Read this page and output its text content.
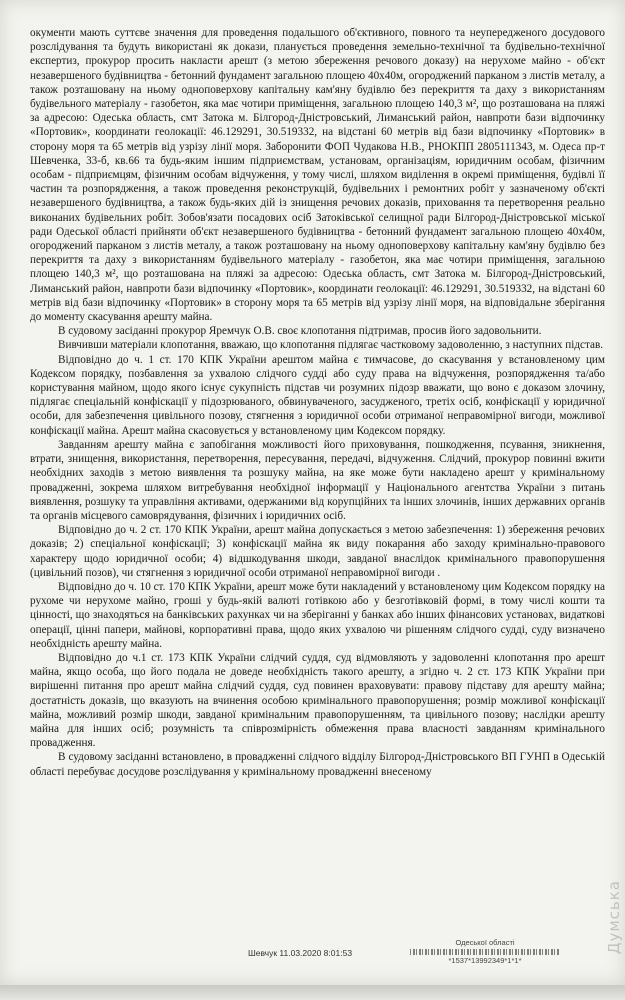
окументи мають суттєве значення для проведення подальшого об'єктивного, повного та неупередженого досудового розслідування та будуть використані як докази, планується проведення земельно-технічної та будівельно-технічної експертиз, прокурор просить накласти арешт (з метою збереження речового доказу) на нерухоме майно - об'єкт незавершеного будівництва - бетонний фундамент загальною площею 40х40м, огороджений парканом з листів металу, а також розташовану на ньому одноповерхову капітальну кам'яну будівлю без перекриття та даху з використанням будівельного матеріалу - газобетон, яка має чотири приміщення, загальною площею 140,3 м², що розташована на пляжі за адресою: Одеська область, смт Затока м. Білгород-Дністровський, Лиманський район, навпроти бази відпочинку «Портовик», координати геолокації: 46.129291, 30.519332, на відстані 60 метрів від бази відпочинку «Портовик» в сторону моря та 65 метрів від узрізу лінії моря. Заборонити ФОП Чудакова Н.В., РНОКПП 2805111343, м. Одеса пр-т Шевченка, 33-б, кв.66 та будь-яким іншим підприємствам, установам, організаціям, юридичним особам, фізичним особам - підприємцям, фізичним особам відчуження, у тому числі, шляхом виділення в окремі приміщення, будівлі її частин та розпорядження, а також проведення реконструкцій, будівельних і ремонтних робіт у зазначеному об'єкті незавершеного будівництва, а також будь-яких дій із знищення речових доказів, приховання та перетворення реально виконаних будівельних робіт. Зобов'язати посадових осіб Затоківської селищної ради Білгород-Дністровської міської ради Одеської області прийняти об'єкт незавершеного будівництва - бетонний фундамент загальною площею 40х40м, огороджений парканом з листів металу, а також розташовану на ньому одноповерхову капітальну кам'яну будівлю без перекриття та даху з використанням будівельного матеріалу - газобетон, яка має чотири приміщення, загальною площею 140,3 м², що розташована на пляжі за адресою: Одеська область, смт Затока м. Білгород-Дністровський, Лиманський район, навпроти бази відпочинку «Портовик», координати геолокації: 46.129291, 30.519332, на відстані 60 метрів від бази відпочинку «Портовик» в сторону моря та 65 метрів від узрізу лінії моря, на відповідальне зберігання до моменту скасування арешту майна.

В судовому засіданні прокурор Яремчук О.В. своє клопотання підтримав, просив його задовольнити.

Вивчивши матеріали клопотання, вважаю, що клопотання підлягає частковому задоволенню, з наступних підстав.

Відповідно до ч. 1 ст. 170 КПК України арештом майна є тимчасове, до скасування у встановленому цим Кодексом порядку, позбавлення за ухвалою слідчого судді або суду права на відчуження, розпорядження та/або користування майном, щодо якого існує сукупність підстав чи розумних підозр вважати, що воно є доказом злочину, підлягає спеціальній конфіскації у підозрюваного, обвинуваченого, засудженого, третіх осіб, конфіскації у юридичної особи, для забезпечення цивільного позову, стягнення з юридичної особи отриманої неправомірної вигоди, можливої конфіскації майна. Арешт майна скасовується у встановленому цим Кодексом порядку.

Завданням арешту майна є запобігання можливості його приховування, пошкодження, псування, зникнення, втрати, знищення, використання, перетворення, пересування, передачі, відчуження. Слідчий, прокурор повинні вжити необхідних заходів з метою виявлення та розшуку майна, на яке може бути накладено арешт у кримінальному провадженні, зокрема шляхом витребування необхідної інформації у Національного агентства України з питань виявлення, розшуку та управління активами, одержаними від корупційних та інших злочинів, інших державних органів та органів місцевого самоврядування, фізичних і юридичних осіб.

Відповідно до ч. 2 ст. 170 КПК України, арешт майна допускається з метою забезпечення: 1) збереження речових доказів; 2) спеціальної конфіскації; 3) конфіскації майна як виду покарання або заходу кримінально-правового характеру щодо юридичної особи; 4) відшкодування шкоди, завданої внаслідок кримінального правопорушення (цивільний позов), чи стягнення з юридичної особи отриманої неправомірної вигоди .

Відповідно до ч. 10 ст. 170 КПК України, арешт може бути накладений у встановленому цим Кодексом порядку на рухоме чи нерухоме майно, гроші у будь-якій валюті готівкою або у безготівковій формі, в тому числі кошти та цінності, що знаходяться на банківських рахунках чи на зберіганні у банках або інших фінансових установах, видаткові операції, цінні папери, майнові, корпоративні права, щодо яких ухвалою чи рішенням слідчого судді, суду визначено необхідність арешту майна.

Відповідно до ч.1 ст. 173 КПК України слідчий суддя, суд відмовляють у задоволенні клопотання про арешт майна, якщо особа, що його подала не доведе необхідність такого арешту, а згідно ч. 2 ст. 173 КПК України при вирішенні питання про арешт майна слідчий суддя, суд повинен враховувати: правову підставу для арешту майна; достатність доказів, що вказують на вчинення особою кримінального правопорушення; розмір можливої конфіскації майна, можливий розмір шкоди, завданої кримінальним правопорушенням, та цивільного позову; наслідки арешту майна для інших осіб; розумність та співрозмірність обмеження права власності завданням кримінального провадження.

В судовому засіданні встановлено, в провадженні слідчого відділу Білгород-Дністровського ВП ГУНП в Одеській області перебуває досудове розслідування у кримінальному провадженні внесеному

Шевчук 11.03.2020 8:01:53
Одеської області
*1537*13992349*1*1*
Думська
